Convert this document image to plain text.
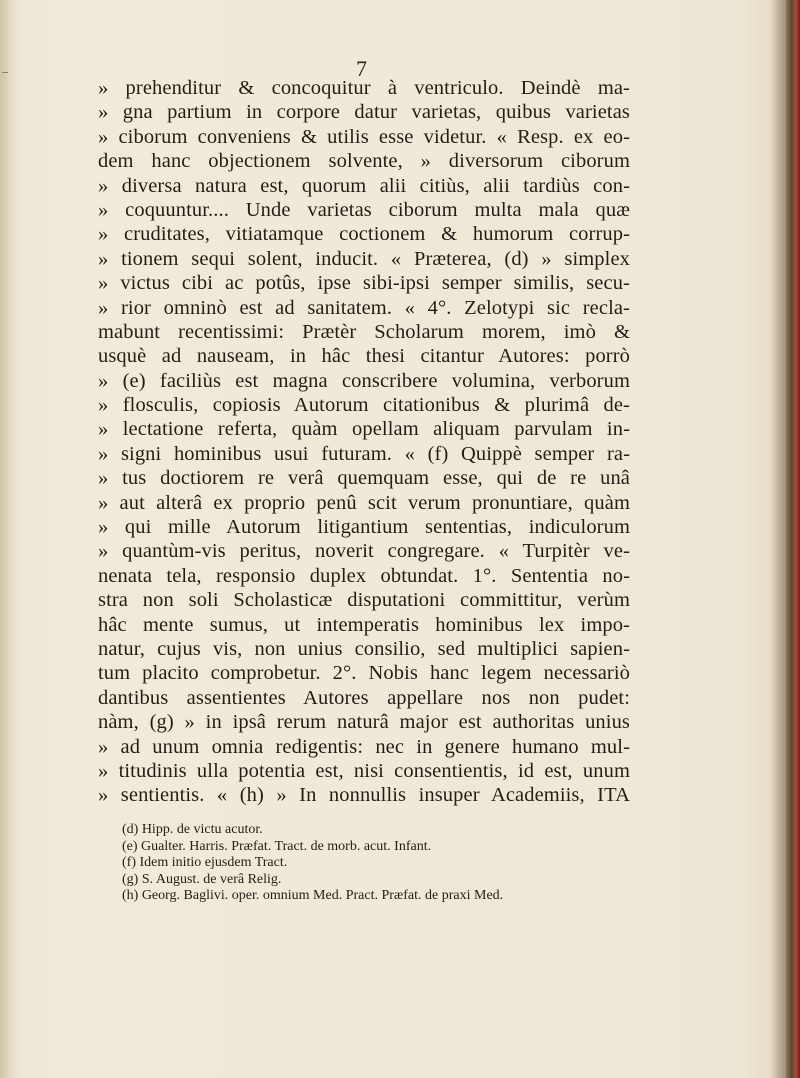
7
» prehenditur & concoquitur à ventriculo. Deindè ma-
» gna partium in corpore datur varietas, quibus varietas
» ciborum conveniens & utilis esse videtur. « Resp. ex eo-
dem hanc objectionem solvente, » diversorum ciborum
» diversa natura est, quorum alii citiùs, alii tardiùs con-
» coquuntur.... Unde varietas ciborum multa mala quæ
» cruditates, vitiatamque coctionem & humorum corrup-
» tionem sequi solent, inducit. « Præterea, (d) » simplex
» victus cibi ac potûs, ipse sibi-ipsi semper similis, secu-
» rior omninò est ad sanitatem. « 4°. Zelotypi sic recla-
mabunt recentissimi: Prætèr Scholarum morem, imò &
usquè ad nauseam, in hâc thesi citantur Autores: porrò
» (e) faciliùs est magna conscribere volumina, verborum
» flosculis, copiosis Autorum citationibus & plurimâ de-
» lectatione referta, quàm opellam aliquam parvulam in-
» signi hominibus usui futuram. « (f) Quippè semper ra-
» tus doctiorem re verâ quemquam esse, qui de re unâ
» aut alterâ ex proprio penû scit verum pronuntiare, quàm
» qui mille Autorum litigantium sententias, indiculorum
» quantùm-vis peritus, noverit congregare. « Turpitèr ve-
nenata tela, responsio duplex obtundat. 1°. Sententia no-
stra non soli Scholasticæ disputationi committitur, verùm
hâc mente sumus, ut intemperatis hominibus lex impo-
natur, cujus vis, non unius consilio, sed multiplici sapien-
tum placito comprobetur. 2°. Nobis hanc legem necessariò
dantibus assentientes Autores appellare nos non pudet:
nàm, (g) » in ipsâ rerum naturâ major est authoritas unius
» ad unum omnia redigentis: nec in genere humano mul-
» titudinis ulla potentia est, nisi consentientis, id est, unum
» sentientis. « (h) » In nonnullis insuper Academiis, ITA
(d) Hipp. de victu acutor.
(e) Gualter. Harris. Præfat. Tract. de morb. acut. Infant.
(f) Idem initio ejusdem Tract.
(g) S. August. de verâ Relig.
(h) Georg. Baglivi. oper. omnium Med. Pract. Præfat. de praxi Med.
